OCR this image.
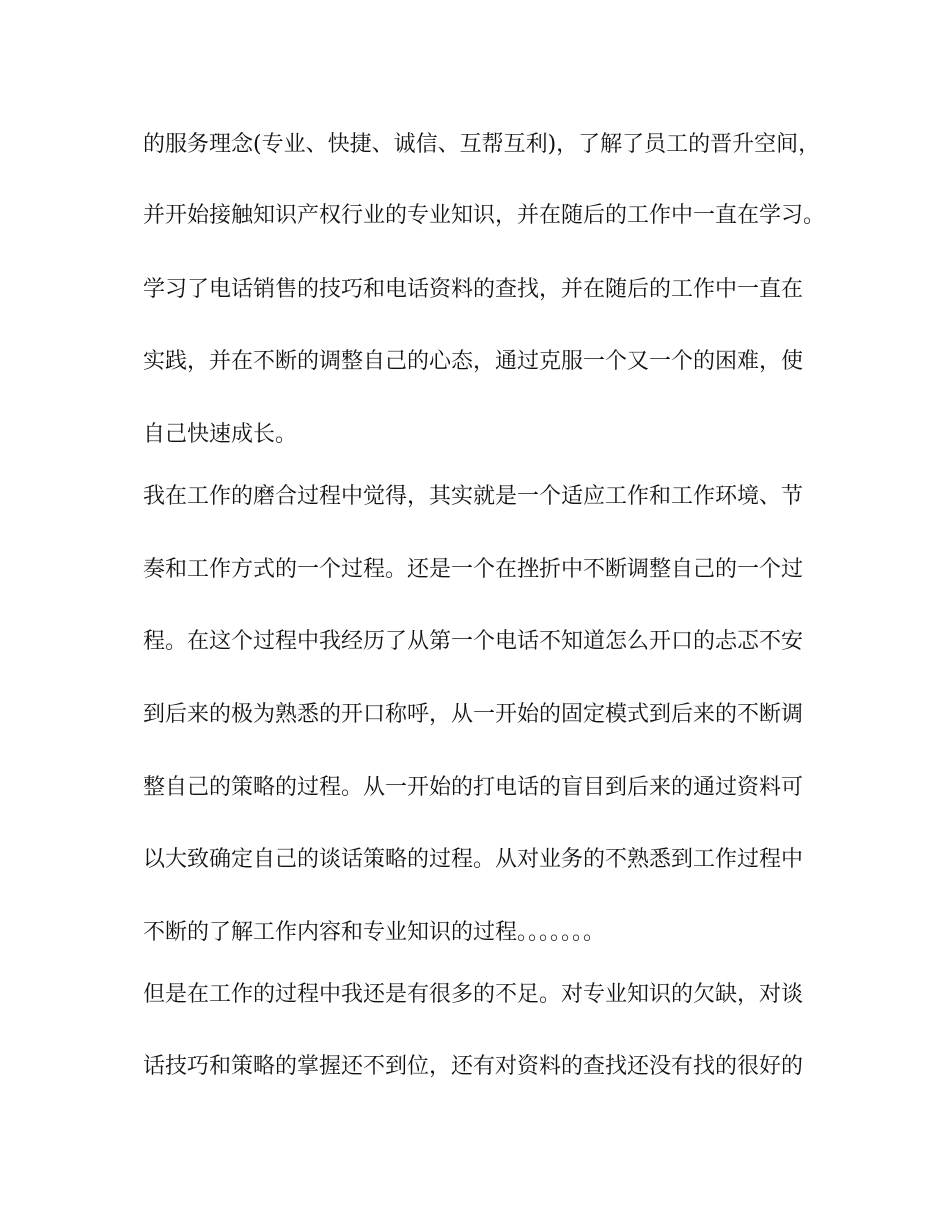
的服务理念(专业、快捷、诚信、互帮互利)，了解了员工的晋升空间，

并开始接触知识产权行业的专业知识，并在随后的工作中一直在学习。

学习了电话销售的技巧和电话资料的查找，并在随后的工作中一直在

实践，并在不断的调整自己的心态，通过克服一个又一个的困难，使

自己快速成长。

我在工作的磨合过程中觉得，其实就是一个适应工作和工作环境、节

奏和工作方式的一个过程。还是一个在挫折中不断调整自己的一个过

程。在这个过程中我经历了从第一个电话不知道怎么开口的忐忑不安

到后来的极为熟悉的开口称呼，从一开始的固定模式到后来的不断调

整自己的策略的过程。从一开始的打电话的盲目到后来的通过资料可

以大致确定自己的谈话策略的过程。从对业务的不熟悉到工作过程中

不断的了解工作内容和专业知识的过程。。。。。。。

但是在工作的过程中我还是有很多的不足。对专业知识的欠缺，对谈

话技巧和策略的掌握还不到位，还有对资料的查找还没有找的很好的
